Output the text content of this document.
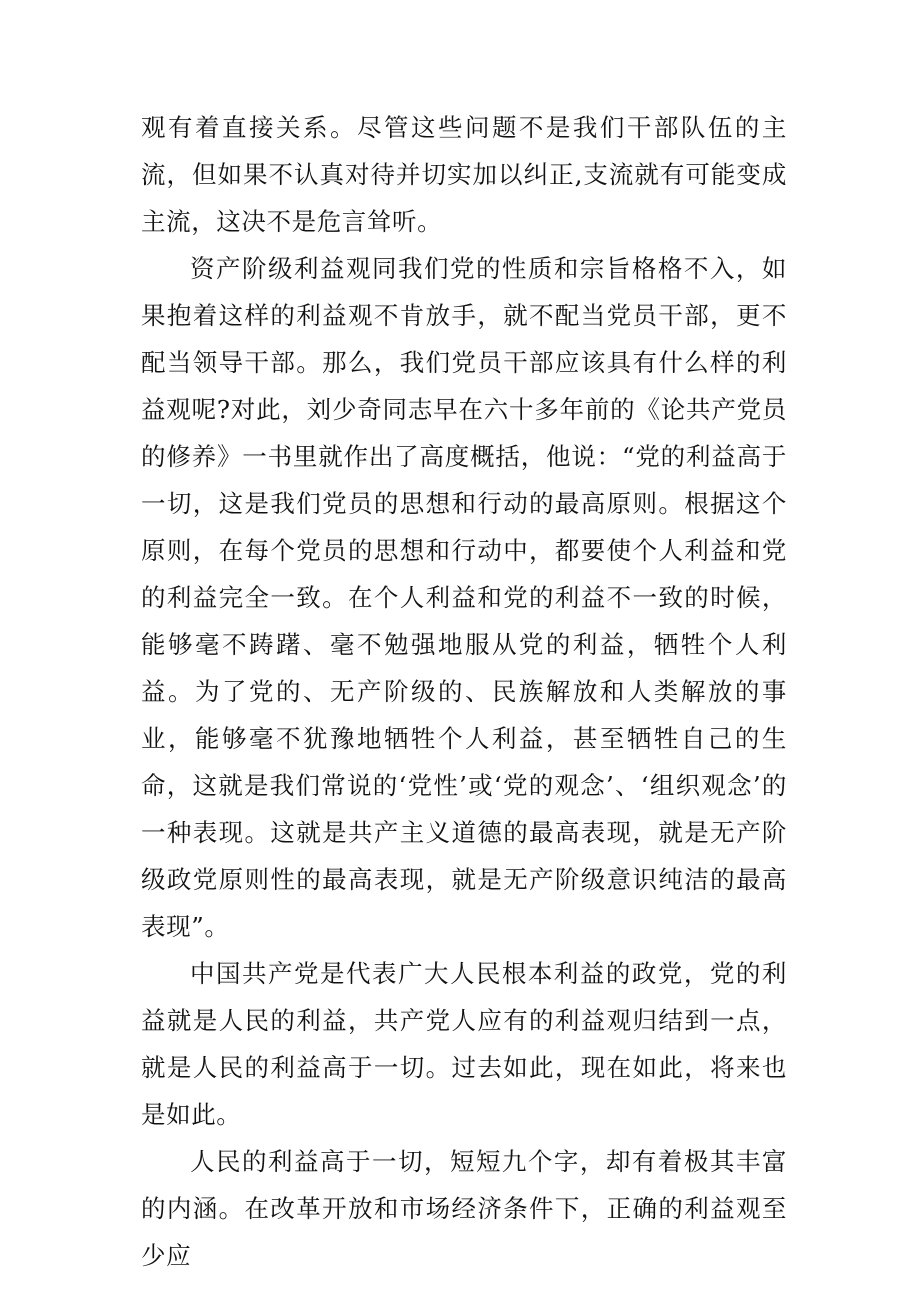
观有着直接关系。尽管这些问题不是我们干部队伍的主流，但如果不认真对待并切实加以纠正,支流就有可能变成主流，这决不是危言耸听。

资产阶级利益观同我们党的性质和宗旨格格不入，如果抱着这样的利益观不肯放手，就不配当党员干部，更不配当领导干部。那么，我们党员干部应该具有什么样的利益观呢?对此，刘少奇同志早在六十多年前的《论共产党员的修养》一书里就作出了高度概括，他说：“党的利益高于一切，这是我们党员的思想和行动的最高原则。根据这个原则，在每个党员的思想和行动中，都要使个人利益和党的利益完全一致。在个人利益和党的利益不一致的时候，能够毫不踌躇、毫不勉强地服从党的利益，牺牲个人利益。为了党的、无产阶级的、民族解放和人类解放的事业，能够毫不犹豫地牺牲个人利益，甚至牺牲自己的生命，这就是我们常说的‘党性’或‘党的观念’、‘组织观念’的一种表现。这就是共产主义道德的最高表现，就是无产阶级政党原则性的最高表现，就是无产阶级意识纯洁的最高表现”。

中国共产党是代表广大人民根本利益的政党，党的利益就是人民的利益，共产党人应有的利益观归结到一点，就是人民的利益高于一切。过去如此，现在如此，将来也是如此。

人民的利益高于一切，短短九个字，却有着极其丰富的内涵。在改革开放和市场经济条件下，正确的利益观至少应
